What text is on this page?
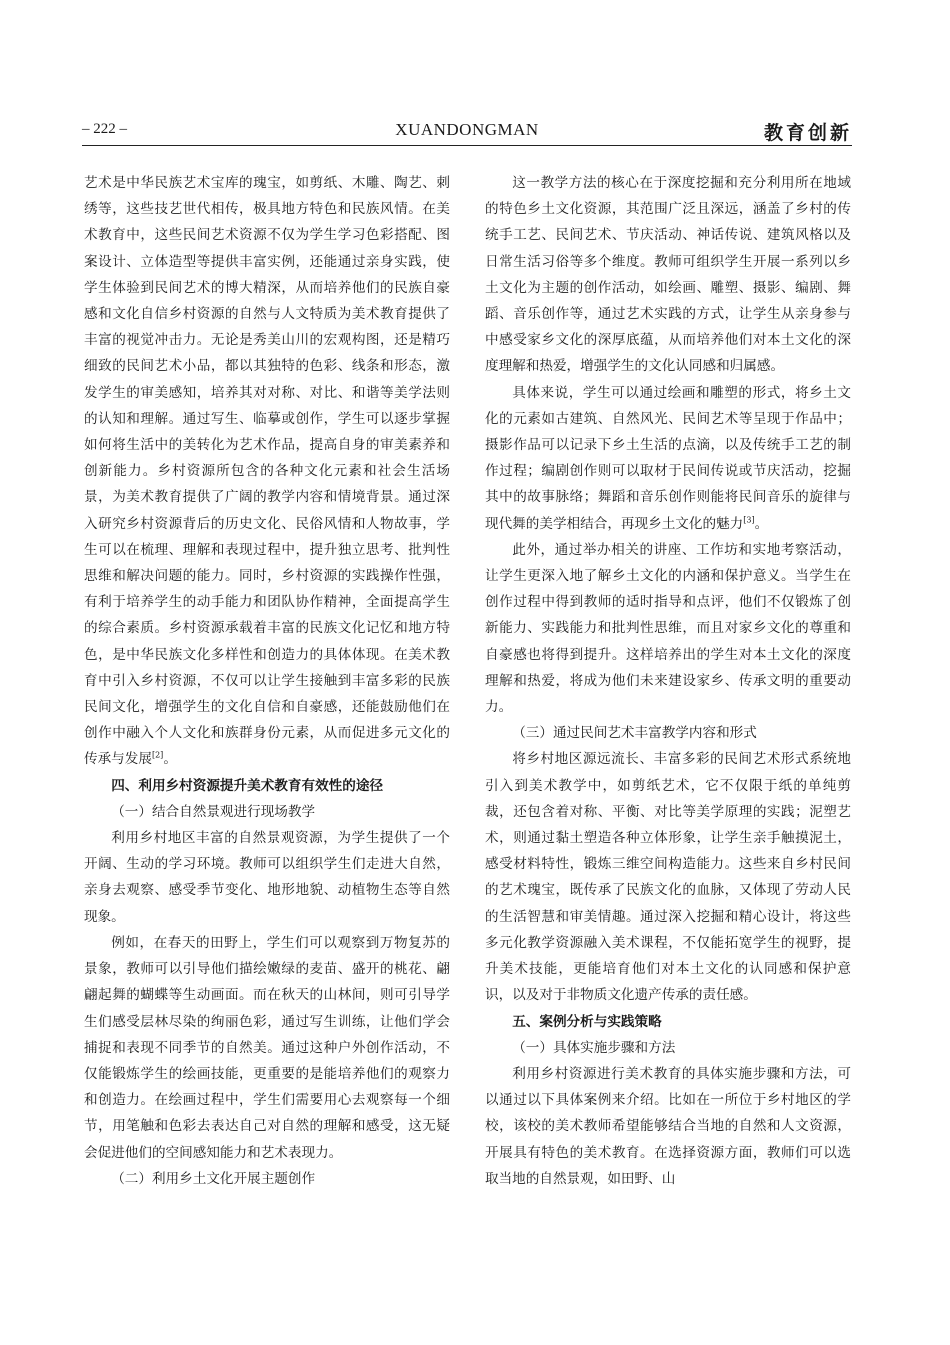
– 222 –	XUANDONGMAN	教育创新

艺术是中华民族艺术宝库的瑰宝，如剪纸、木雕、陶艺、刺绣等，这些技艺世代相传，极具地方特色和民族风情。在美术教育中，这些民间艺术资源不仅为学生学习色彩搭配、图案设计、立体造型等提供丰富实例，还能通过亲身实践，使学生体验到民间艺术的博大精深，从而培养他们的民族自豪感和文化自信乡村资源的自然与人文特质为美术教育提供了丰富的视觉冲击力。无论是秀美山川的宏观构图，还是精巧细致的民间艺术小品，都以其独特的色彩、线条和形态，激发学生的审美感知，培养其对对称、对比、和谐等美学法则的认知和理解。通过写生、临摹或创作，学生可以逐步掌握如何将生活中的美转化为艺术作品，提高自身的审美素养和创新能力。乡村资源所包含的各种文化元素和社会生活场景，为美术教育提供了广阔的教学内容和情境背景。通过深入研究乡村资源背后的历史文化、民俗风情和人物故事，学生可以在梳理、理解和表现过程中，提升独立思考、批判性思维和解决问题的能力。同时，乡村资源的实践操作性强，有利于培养学生的动手能力和团队协作精神，全面提高学生的综合素质。乡村资源承载着丰富的民族文化记忆和地方特色，是中华民族文化多样性和创造力的具体体现。在美术教育中引入乡村资源，不仅可以让学生接触到丰富多彩的民族民间文化，增强学生的文化自信和自豪感，还能鼓励他们在创作中融入个人文化和族群身份元素，从而促进多元文化的传承与发展[2]。

四、利用乡村资源提升美术教育有效性的途径
（一）结合自然景观进行现场教学

利用乡村地区丰富的自然景观资源，为学生提供了一个开阔、生动的学习环境。教师可以组织学生们走进大自然，亲身去观察、感受季节变化、地形地貌、动植物生态等自然现象。

例如，在春天的田野上，学生们可以观察到万物复苏的景象，教师可以引导他们描绘嫩绿的麦苗、盛开的桃花、翩翩起舞的蝴蝶等生动画面。而在秋天的山林间，则可引导学生们感受层林尽染的绚丽色彩，通过写生训练，让他们学会捕捉和表现不同季节的自然美。通过这种户外创作活动，不仅能锻炼学生的绘画技能，更重要的是能培养他们的观察力和创造力。在绘画过程中，学生们需要用心去观察每一个细节，用笔触和色彩去表达自己对自然的理解和感受，这无疑会促进他们的空间感知能力和艺术表现力。

（二）利用乡土文化开展主题创作

这一教学方法的核心在于深度挖掘和充分利用所在地域的特色乡土文化资源，其范围广泛且深远，涵盖了乡村的传统手工艺、民间艺术、节庆活动、神话传说、建筑风格以及日常生活习俗等多个维度。教师可组织学生开展一系列以乡土文化为主题的创作活动，如绘画、雕塑、摄影、编剧、舞蹈、音乐创作等，通过艺术实践的方式，让学生从亲身参与中感受家乡文化的深厚底蕴，从而培养他们对本土文化的深度理解和热爱，增强学生的文化认同感和归属感。

具体来说，学生可以通过绘画和雕塑的形式，将乡土文化的元素如古建筑、自然风光、民间艺术等呈现于作品中；摄影作品可以记录下乡土生活的点滴，以及传统手工艺的制作过程；编剧创作则可以取材于民间传说或节庆活动，挖掘其中的故事脉络；舞蹈和音乐创作则能将民间音乐的旋律与现代舞的美学相结合，再现乡土文化的魅力[3]。

此外，通过举办相关的讲座、工作坊和实地考察活动，让学生更深入地了解乡土文化的内涵和保护意义。当学生在创作过程中得到教师的适时指导和点评，他们不仅锻炼了创新能力、实践能力和批判性思维，而且对家乡文化的尊重和自豪感也将得到提升。这样培养出的学生对本土文化的深度理解和热爱，将成为他们未来建设家乡、传承文明的重要动力。

（三）通过民间艺术丰富教学内容和形式

将乡村地区源远流长、丰富多彩的民间艺术形式系统地引入到美术教学中，如剪纸艺术，它不仅限于纸的单纯剪裁，还包含着对称、平衡、对比等美学原理的实践；泥塑艺术，则通过黏土塑造各种立体形象，让学生亲手触摸泥土，感受材料特性，锻炼三维空间构造能力。这些来自乡村民间的艺术瑰宝，既传承了民族文化的血脉，又体现了劳动人民的生活智慧和审美情趣。通过深入挖掘和精心设计，将这些多元化教学资源融入美术课程，不仅能拓宽学生的视野，提升美术技能，更能培育他们对本土文化的认同感和保护意识，以及对于非物质文化遗产传承的责任感。

五、案例分析与实践策略
（一）具体实施步骤和方法

利用乡村资源进行美术教育的具体实施步骤和方法，可以通过以下具体案例来介绍。比如在一所位于乡村地区的学校，该校的美术教师希望能够结合当地的自然和人文资源，开展具有特色的美术教育。在选择资源方面，教师们可以选取当地的自然景观，如田野、山
